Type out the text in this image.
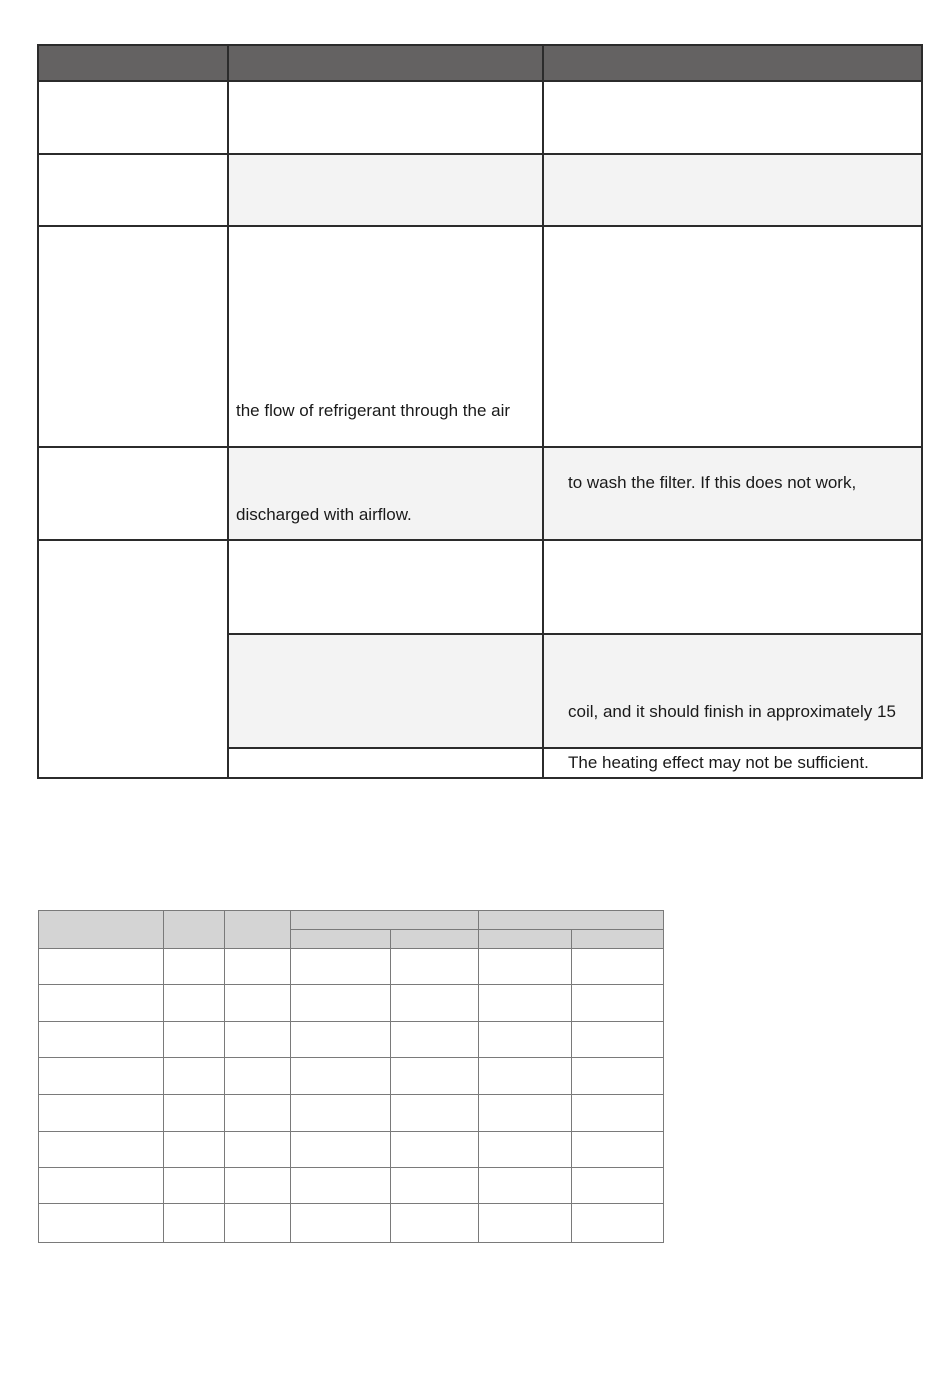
	the flow of refrigerant through the air	

	discharged with airflow.	to wash the filter. If this does not work,

		coil, and it should finish in approximately 15

		The heating effect may not be sufficient.
